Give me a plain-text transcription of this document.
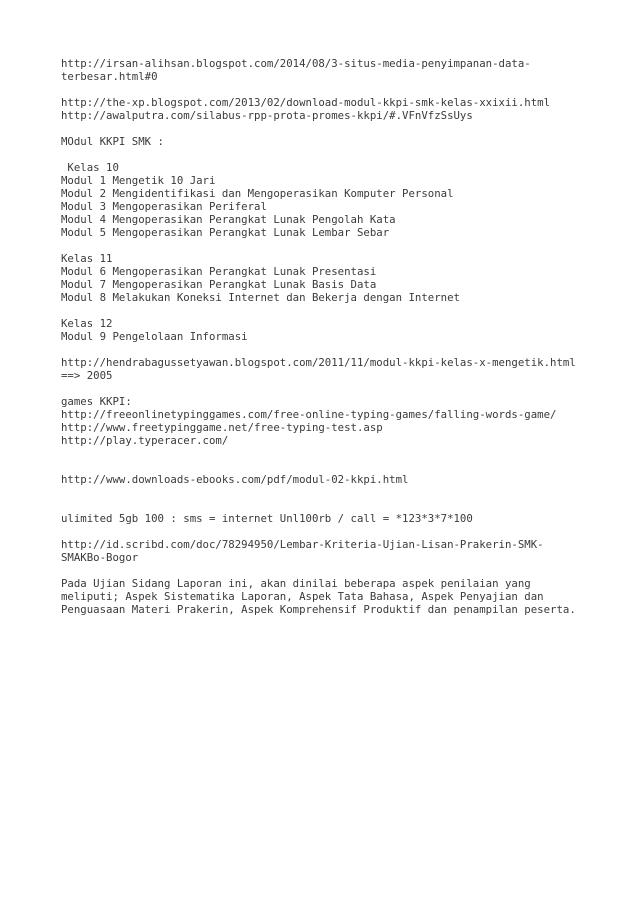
http://irsan-alihsan.blogspot.com/2014/08/3-situs-media-penyimpanan-data-
terbesar.html#0
http://the-xp.blogspot.com/2013/02/download-modul-kkpi-smk-kelas-xxixii.html
http://awalputra.com/silabus-rpp-prota-promes-kkpi/#.VFnVfzSsUys
MOdul KKPI SMK :
Kelas 10
Modul 1 Mengetik 10 Jari
Modul 2 Mengidentifikasi dan Mengoperasikan Komputer Personal
Modul 3 Mengoperasikan Periferal
Modul 4 Mengoperasikan Perangkat Lunak Pengolah Kata
Modul 5 Mengoperasikan Perangkat Lunak Lembar Sebar
Kelas 11
Modul 6 Mengoperasikan Perangkat Lunak Presentasi
Modul 7 Mengoperasikan Perangkat Lunak Basis Data
Modul 8 Melakukan Koneksi Internet dan Bekerja dengan Internet
Kelas 12
Modul 9 Pengelolaan Informasi
http://hendrabagussetyawan.blogspot.com/2011/11/modul-kkpi-kelas-x-mengetik.html
==> 2005
games KKPI:
http://freeonlinetypinggames.com/free-online-typing-games/falling-words-game/
http://www.freetypinggame.net/free-typing-test.asp
http://play.typeracer.com/
http://www.downloads-ebooks.com/pdf/modul-02-kkpi.html
ulimited 5gb 100 : sms = internet Unl100rb / call = *123*3*7*100
http://id.scribd.com/doc/78294950/Lembar-Kriteria-Ujian-Lisan-Prakerin-SMK-
SMAKBo-Bogor
Pada Ujian Sidang Laporan ini, akan dinilai beberapa aspek penilaian yang
meliputi; Aspek Sistematika Laporan, Aspek Tata Bahasa, Aspek Penyajian dan
Penguasaan Materi Prakerin, Aspek Komprehensif Produktif dan penampilan peserta.
